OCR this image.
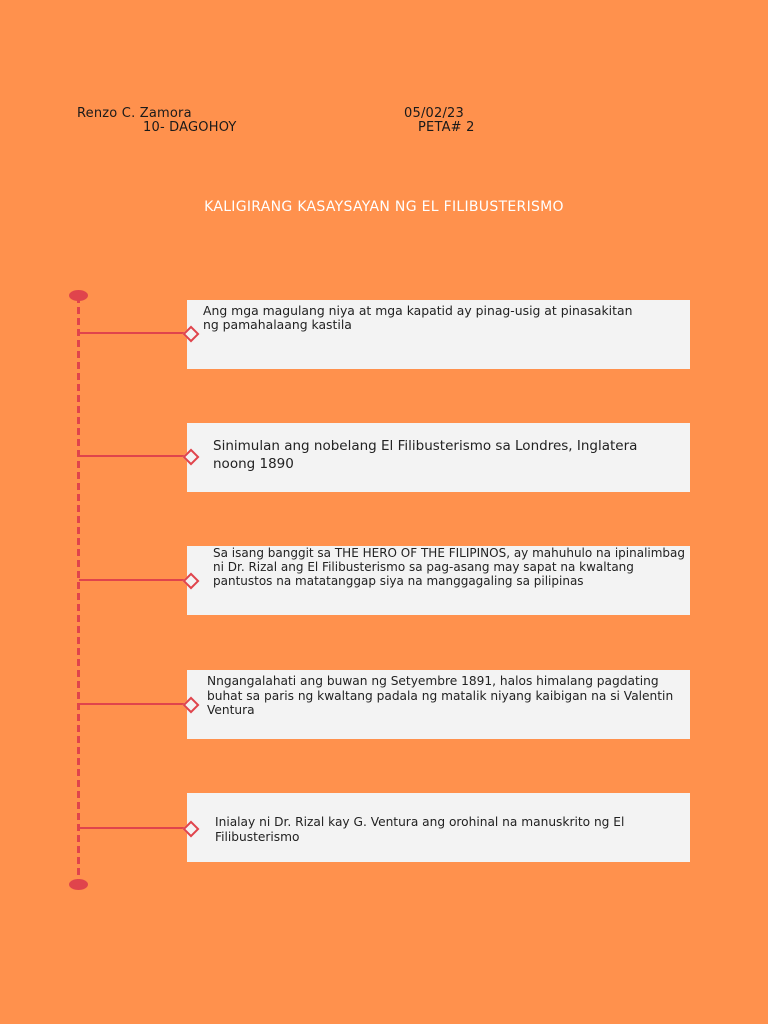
Renzo C. Zamora
10- DAGOHOY
05/02/23
PETA# 2
KALIGIRANG KASAYSAYAN NG EL FILIBUSTERISMO
Ang mga magulang niya at mga kapatid ay pinag-usig at pinasakitan ng pamahalaang kastila
Sinimulan ang nobelang El Filibusterismo sa Londres, Inglatera noong 1890
Sa isang banggit sa THE HERO OF THE FILIPINOS, ay mahuhulo na ipinalimbag ni Dr. Rizal ang El Filibusterismo sa pag-asang may sapat na kwaltang pantustos na matatanggap siya na manggagaling sa pilipinas
Nngangalahati ang buwan ng Setyembre 1891, halos himalang pagdating buhat sa paris ng kwaltang padala ng matalik niyang kaibigan na si Valentin Ventura
Inialay ni Dr. Rizal kay G. Ventura ang orohinal na manuskrito ng El Filibusterismo
